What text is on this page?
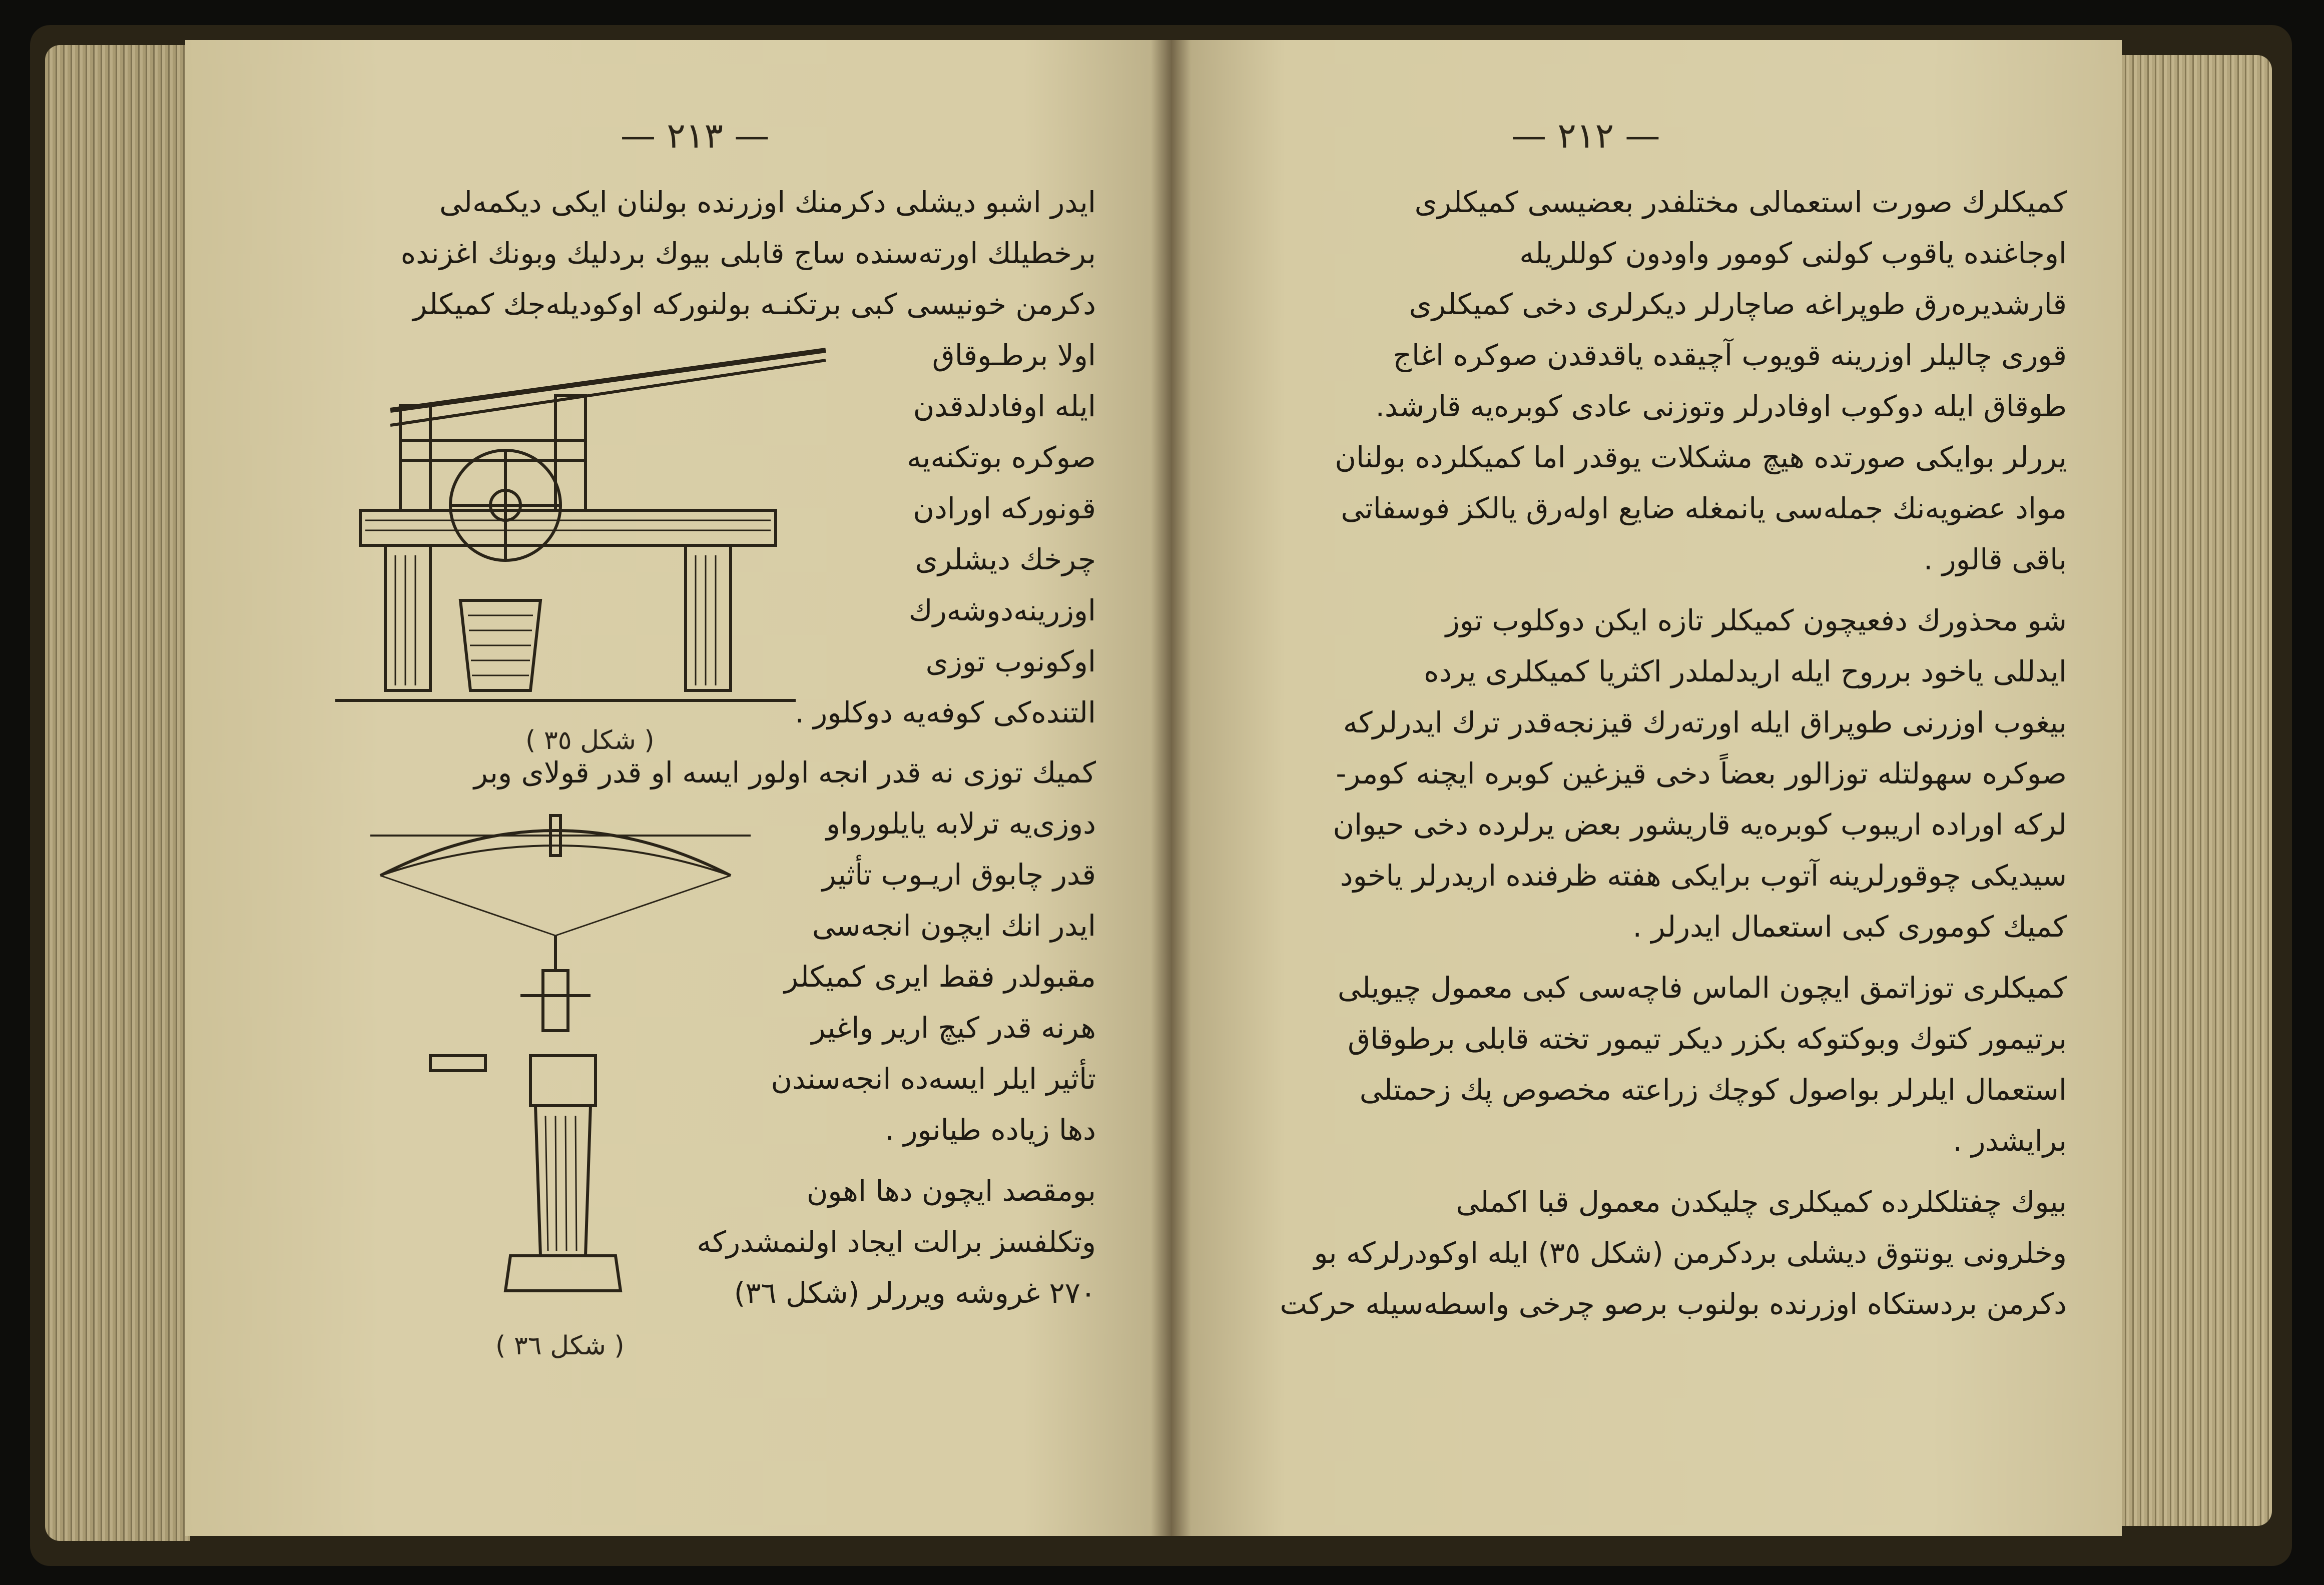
— ٢١٣ —
ايدر اشبو ديشلى دكرمنك اوزرنده بولنان ايكى ديكمه‌لى
برخطيلك اورته‌سنده ساج قابلى بيوك بردليك وبونك اغزنده
دكرمن خونيسى كبى برتكنـه بولنوركه اوكوديله‌جك كميكلر
اولا برطـوقاق
ايله اوفادلدقدن
صوكره بوتكنه‌يه
قونوركه اورادن
چرخك ديشلرى
اوزرينه‌دوشه‌رك
اوكونوب توزى
التنده‌كى كوفه‌يه دوكلور .
كميك توزى نه قدر انجه اولور ايسه او قدر قولاى وبر
دوزى‌يه ترلابه يايلورواو
قدر چابوق اريـوب تأثير
ايدر انك ايچون انجه‌سى
مقبولدر فقط ايرى كميكلر
هرنه قدر كيچ ارير واغير
تأثير ايلر ايسه‌ده انجه‌سندن
دها زياده طيانور .
بومقصد ايچون دها اهون
وتكلفسز برالت ايجاد اولنمشدركه
٢٧٠ غروشه ويررلر (شكل ٣٦)
( شكل ٣٥ )
( شكل ٣٦ )
— ٢١٢ —
كميكلرك صورت استعمالى مختلفدر بعضيسى كميكلرى
اوجاغنده ياقوب كولنى كومور واودون كوللريله
قارشديره‌رق طوپراغه صاچارلر ديكرلرى دخى كميكلرى
قورى چاليلر اوزرينه قويوب آچيقده ياقدقدن صوكره اغاج
طوقاق ايله دوكوب اوفادرلر وتوزنى عادى كوبره‌يه قارشد.
يررلر بوايكى صورتده هيچ مشكلات يوقدر اما كميكلرده بولنان
مواد عضويه‌نك جمله‌سى يانمغله ضايع اوله‌رق يالكز فوسفاتى
باقى قالور .
شو محذورك دفعيچون كميكلر تازه ايكن دوكلوب توز
ايدللى ياخود برروح ايله اريدلملدر اكثريا كميكلرى يرده
بيغوب اوزرنى طوپراق ايله اورته‌رك قيزنجه‌قدر ترك ايدرلركه
صوكره سهولتله توزالور بعضاً دخى قيزغين كوبره ايچنه كومر-
لركه اوراده اريبوب كوبره‌يه قاريشور بعض يرلرده دخى حيوان
سيديكى چوقورلرينه آتوب برايكى هفته ظرفنده اريدرلر ياخود
كميك كومورى كبى استعمال ايدرلر .
كميكلرى توزاتمق ايچون الماس فاچه‌سى كبى معمول چيويلى
برتيمور كتوك وبوكتوكه بكزر ديكر تيمور تخته قابلى برطوقاق
استعمال ايلرلر بواصول كوچك زراعته مخصوص پك زحمتلى
برايشدر .
بيوك چفتلكلرده كميكلرى چليكدن معمول قبا اكملى
وخلرونى يونتوق ديشلى بردكرمن (شكل ٣٥) ايله اوكودرلركه بو
دكرمن بردستكاه اوزرنده بولنوب برصو چرخى واسطه‌سيله حركت
